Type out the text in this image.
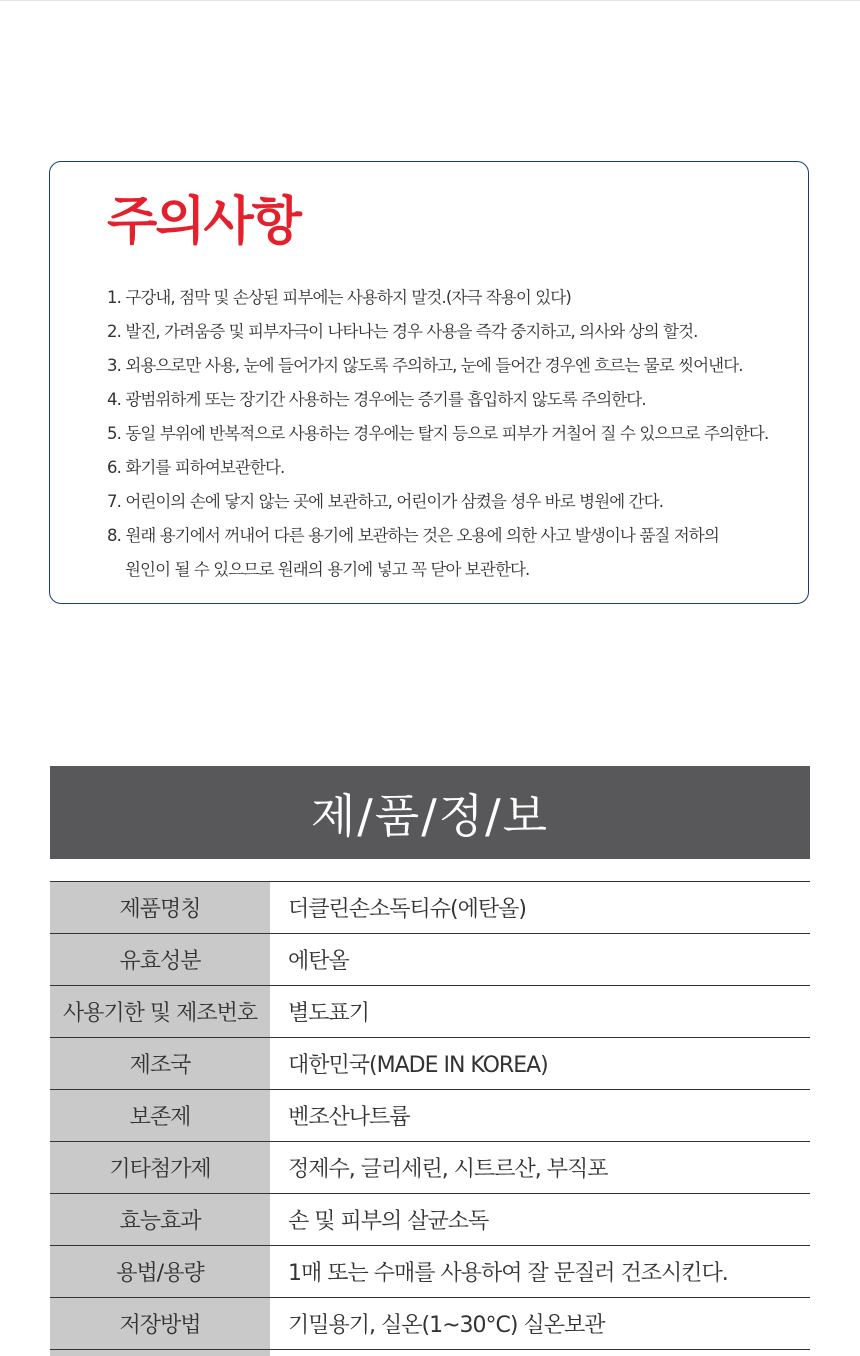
주의사항
1. 구강내, 점막 및 손상된 피부에는 사용하지 말것.(자극 작용이 있다)
2. 발진, 가려움증 및 피부자극이 나타나는 경우 사용을 즉각 중지하고, 의사와 상의 할것.
3. 외용으로만 사용, 눈에 들어가지 않도록 주의하고, 눈에 들어간 경우엔 흐르는 물로 씻어낸다.
4. 광범위하게 또는 장기간 사용하는 경우에는 증기를 흡입하지 않도록 주의한다.
5. 동일 부위에 반복적으로 사용하는 경우에는 탈지 등으로 피부가 거칠어 질 수 있으므로 주의한다.
6. 화기를 피하여보관한다.
7. 어린이의 손에 닿지 않는 곳에 보관하고, 어린이가 삼켰을 셩우 바로 병원에 간다.
8. 원래 용기에서 꺼내어 다른 용기에 보관하는 것은 오용에 의한 사고 발생이나 품질 저하의
원인이 될 수 있으므로 원래의 용기에 넣고 꼭 닫아 보관한다.
제/품/정/보
제품명칭	더클린손소독티슈(에탄올)
유효성분	에탄올
사용기한 및 제조번호	별도표기
제조국	대한민국(MADE IN KOREA)
보존제	벤조산나트륨
기타첨가제	정제수, 글리세린, 시트르산, 부직포
효능효과	손 및 피부의 살균소독
용법/용량	1매 또는 수매를 사용하여 잘 문질러 건조시킨다.
저장방법	기밀용기, 실온(1~30°C) 실온보관
